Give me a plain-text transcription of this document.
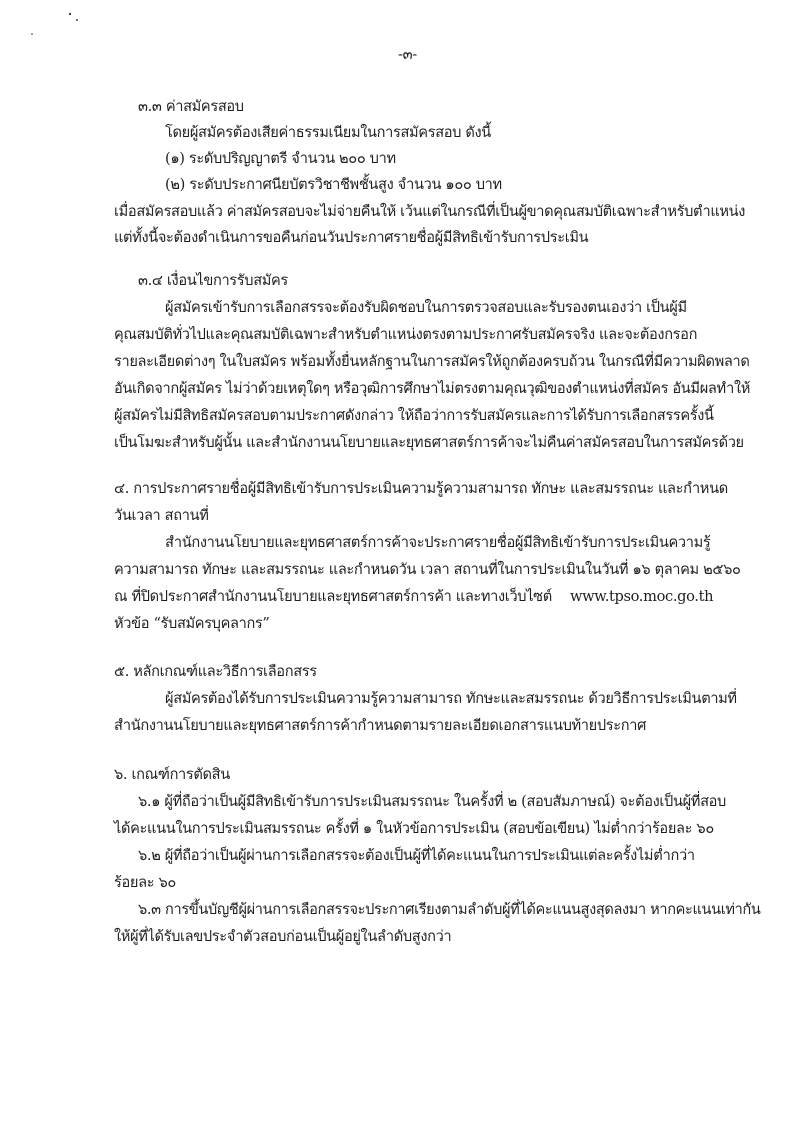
-๓-
๓.๓ ค่าสมัครสอบ
โดยผู้สมัครต้องเสียค่าธรรมเนียมในการสมัครสอบ ดังนี้
(๑) ระดับปริญญาตรี จำนวน ๒๐๐ บาท
(๒) ระดับประกาศนียบัตรวิชาชีพชั้นสูง จำนวน ๑๐๐ บาท
เมื่อสมัครสอบแล้ว ค่าสมัครสอบจะไม่จ่ายคืนให้ เว้นแต่ในกรณีที่เป็นผู้ขาดคุณสมบัติเฉพาะสำหรับตำแหน่ง
แต่ทั้งนี้จะต้องดำเนินการขอคืนก่อนวันประกาศรายชื่อผู้มีสิทธิเข้ารับการประเมิน
๓.๔ เงื่อนไขการรับสมัคร
ผู้สมัครเข้ารับการเลือกสรรจะต้องรับผิดชอบในการตรวจสอบและรับรองตนเองว่า เป็นผู้มี
คุณสมบัติทั่วไปและคุณสมบัติเฉพาะสำหรับตำแหน่งตรงตามประกาศรับสมัครจริง และจะต้องกรอก
รายละเอียดต่างๆ ในใบสมัคร พร้อมทั้งยื่นหลักฐานในการสมัครให้ถูกต้องครบถ้วน ในกรณีที่มีความผิดพลาด
อันเกิดจากผู้สมัคร ไม่ว่าด้วยเหตุใดๆ หรือวุฒิการศึกษาไม่ตรงตามคุณวุฒิของตำแหน่งที่สมัคร อันมีผลทำให้
ผู้สมัครไม่มีสิทธิสมัครสอบตามประกาศดังกล่าว ให้ถือว่าการรับสมัครและการได้รับการเลือกสรรครั้งนี้
เป็นโมฆะสำหรับผู้นั้น และสำนักงานนโยบายและยุทธศาสตร์การค้าจะไม่คืนค่าสมัครสอบในการสมัครด้วย
๔. การประกาศรายชื่อผู้มีสิทธิเข้ารับการประเมินความรู้ความสามารถ ทักษะ และสมรรถนะ และกำหนด
วันเวลา สถานที่
สำนักงานนโยบายและยุทธศาสตร์การค้าจะประกาศรายชื่อผู้มีสิทธิเข้ารับการประเมินความรู้
ความสามารถ ทักษะ และสมรรถนะ และกำหนดวัน เวลา สถานที่ในการประเมินในวันที่ ๑๖ ตุลาคม ๒๕๖๐
ณ ที่ปิดประกาศสำนักงานนโยบายและยุทธศาสตร์การค้า และทางเว็บไซต์ www.tpso.moc.go.th
หัวข้อ “รับสมัครบุคลากร”
๕. หลักเกณฑ์และวิธีการเลือกสรร
ผู้สมัครต้องได้รับการประเมินความรู้ความสามารถ ทักษะและสมรรถนะ ด้วยวิธีการประเมินตามที่
สำนักงานนโยบายและยุทธศาสตร์การค้ากำหนดตามรายละเอียดเอกสารแนบท้ายประกาศ
๖. เกณฑ์การตัดสิน
๖.๑ ผู้ที่ถือว่าเป็นผู้มีสิทธิเข้ารับการประเมินสมรรถนะ ในครั้งที่ ๒ (สอบสัมภาษณ์) จะต้องเป็นผู้ที่สอบ
ได้คะแนนในการประเมินสมรรถนะ ครั้งที่ ๑ ในหัวข้อการประเมิน (สอบข้อเขียน) ไม่ต่ำกว่าร้อยละ ๖๐
๖.๒ ผู้ที่ถือว่าเป็นผู้ผ่านการเลือกสรรจะต้องเป็นผู้ที่ได้คะแนนในการประเมินแต่ละครั้งไม่ต่ำกว่า
ร้อยละ ๖๐
๖.๓ การขึ้นบัญชีผู้ผ่านการเลือกสรรจะประกาศเรียงตามลำดับผู้ที่ได้คะแนนสูงสุดลงมา หากคะแนนเท่ากัน
ให้ผู้ที่ได้รับเลขประจำตัวสอบก่อนเป็นผู้อยู่ในลำดับสูงกว่า
